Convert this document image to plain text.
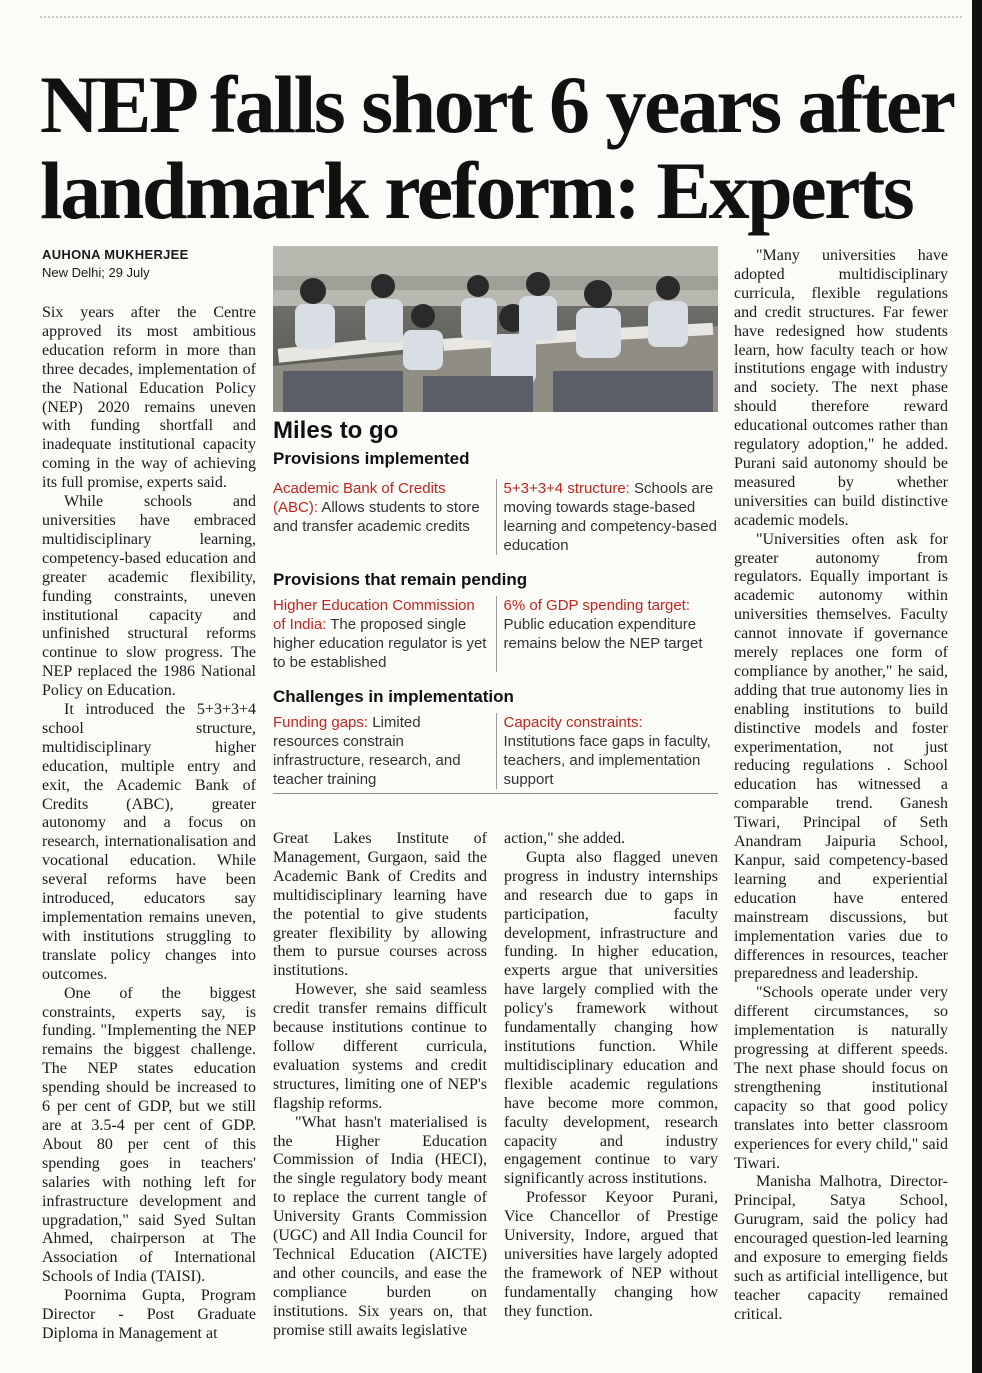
NEP falls short 6 years after landmark reform: Experts
AUHONA MUKHERJEE
New Delhi; 29 July

Six years after the Centre approved its most ambitious education reform in more than three decades, implementation of the National Education Policy (NEP) 2020 remains uneven with funding shortfall and inadequate institutional capacity coming in the way of achieving its full promise, experts said.

While schools and universities have embraced multidisciplinary learning, competency-based education and greater academic flexibility, funding constraints, uneven institutional capacity and unfinished structural reforms continue to slow progress. The NEP replaced the 1986 National Policy on Education.

It introduced the 5+3+3+4 school structure, multidisciplinary higher education, multiple entry and exit, the Academic Bank of Credits (ABC), greater autonomy and a focus on research, internationalisation and vocational education. While several reforms have been introduced, educators say implementation remains uneven, with institutions struggling to translate policy changes into outcomes.

One of the biggest constraints, experts say, is funding. "Implementing the NEP remains the biggest challenge. The NEP states education spending should be increased to 6 per cent of GDP, but we still are at 3.5-4 per cent of GDP. About 80 per cent of this spending goes in teachers' salaries with nothing left for infrastructure development and upgradation," said Syed Sultan Ahmed, chairperson at The Association of International Schools of India (TAISI).

Poornima Gupta, Program Director - Post Graduate Diploma in Management at

Miles to go
Provisions implemented
Academic Bank of Credits (ABC): Allows students to store and transfer academic credits
5+3+3+4 structure: Schools are moving towards stage-based learning and competency-based education
Provisions that remain pending
Higher Education Commission of India: The proposed single higher education regulator is yet to be established
6% of GDP spending target: Public education expenditure remains below the NEP target
Challenges in implementation
Funding gaps: Limited resources constrain infrastructure, research, and teacher training
Capacity constraints: Institutions face gaps in faculty, teachers, and implementation support

Great Lakes Institute of Management, Gurgaon, said the Academic Bank of Credits and multidisciplinary learning have the potential to give students greater flexibility by allowing them to pursue courses across institutions.

However, she said seamless credit transfer remains difficult because institutions continue to follow different curricula, evaluation systems and credit structures, limiting one of NEP's flagship reforms.

"What hasn't materialised is the Higher Education Commission of India (HECI), the single regulatory body meant to replace the current tangle of University Grants Commission (UGC) and All India Council for Technical Education (AICTE) and other councils, and ease the compliance burden on institutions. Six years on, that promise still awaits legislative

action," she added.

Gupta also flagged uneven progress in industry internships and research due to gaps in participation, faculty development, infrastructure and funding. In higher education, experts argue that universities have largely complied with the policy's framework without fundamentally changing how institutions function. While multidisciplinary education and flexible academic regulations have become more common, faculty development, research capacity and industry engagement continue to vary significantly across institutions.

Professor Keyoor Purani, Vice Chancellor of Prestige University, Indore, argued that universities have largely adopted the framework of NEP without fundamentally changing how they function.

"Many universities have adopted multidisciplinary curricula, flexible regulations and credit structures. Far fewer have redesigned how students learn, how faculty teach or how institutions engage with industry and society. The next phase should therefore reward educational outcomes rather than regulatory adoption," he added. Purani said autonomy should be measured by whether universities can build distinctive academic models.

"Universities often ask for greater autonomy from regulators. Equally important is academic autonomy within universities themselves. Faculty cannot innovate if governance merely replaces one form of compliance by another," he said, adding that true autonomy lies in enabling institutions to build distinctive models and foster experimentation, not just reducing regulations . School education has witnessed a comparable trend. Ganesh Tiwari, Principal of Seth Anandram Jaipuria School, Kanpur, said competency-based learning and experiential education have entered mainstream discussions, but implementation varies due to differences in resources, teacher preparedness and leadership.

"Schools operate under very different circumstances, so implementation is naturally progressing at different speeds. The next phase should focus on strengthening institutional capacity so that good policy translates into better classroom experiences for every child," said Tiwari.

Manisha Malhotra, Director-Principal, Satya School, Gurugram, said the policy had encouraged question-led learning and exposure to emerging fields such as artificial intelligence, but teacher capacity remained critical.
